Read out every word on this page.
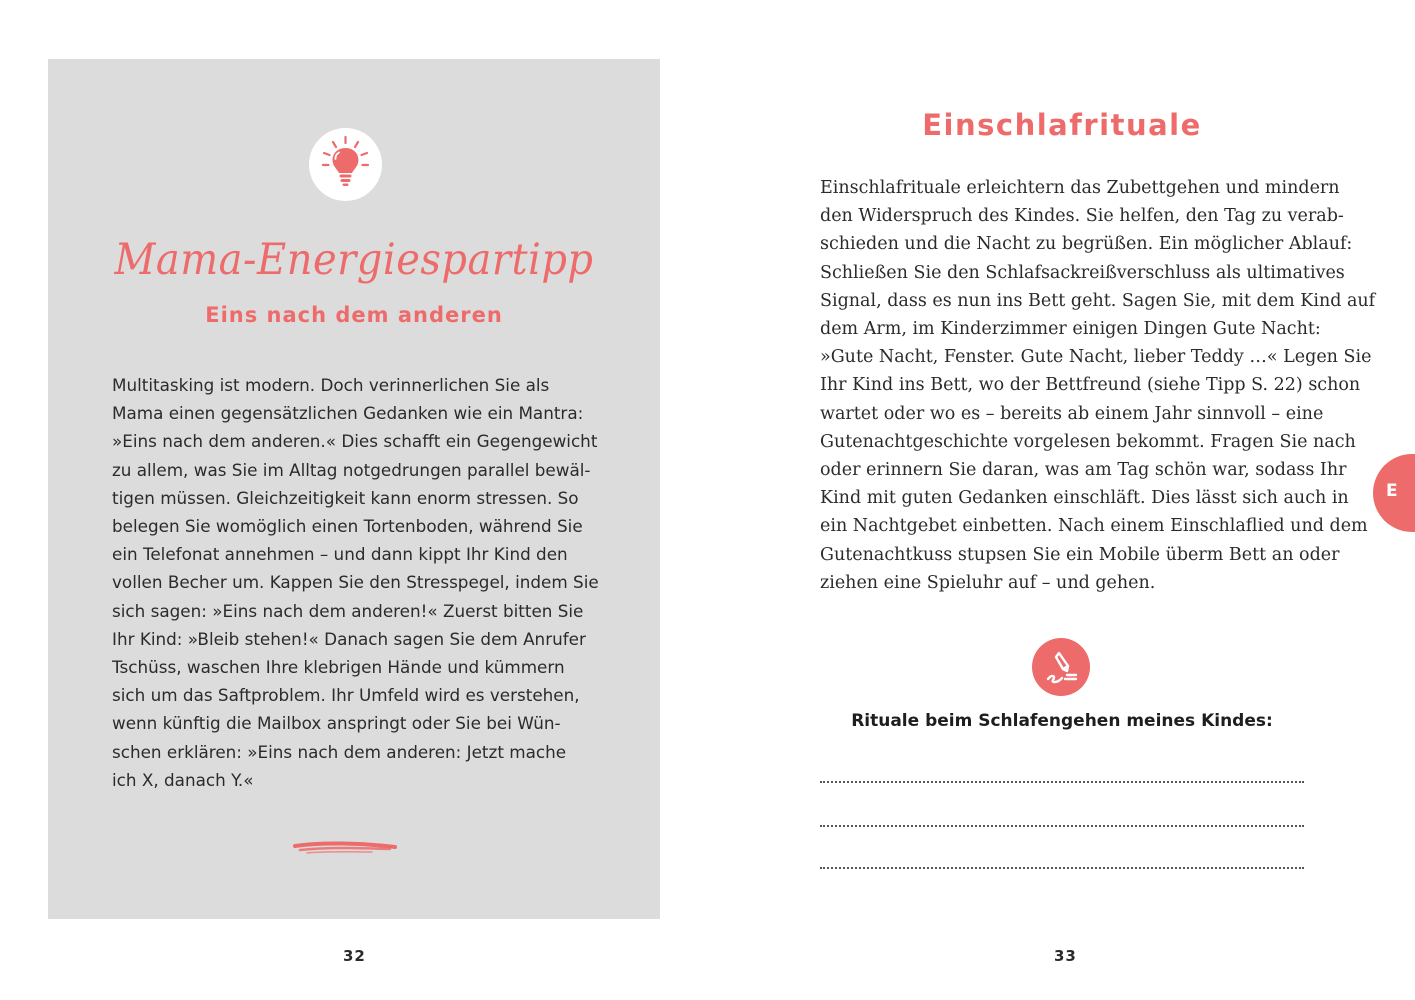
Mama-Energiespartipp
Eins nach dem anderen
Multitasking ist modern. Doch verinnerlichen Sie als
Mama einen gegensätzlichen Gedanken wie ein Mantra:
»Eins nach dem anderen.« Dies schafft ein Gegengewicht
zu allem, was Sie im Alltag notgedrungen parallel bewäl-
tigen müssen. Gleichzeitigkeit kann enorm stressen. So
belegen Sie womöglich einen Tortenboden, während Sie
ein Telefonat annehmen – und dann kippt Ihr Kind den
vollen Becher um. Kappen Sie den Stresspegel, indem Sie
sich sagen: »Eins nach dem anderen!« Zuerst bitten Sie
Ihr Kind: »Bleib stehen!« Danach sagen Sie dem Anrufer
Tschüss, waschen Ihre klebrigen Hände und kümmern
sich um das Saftproblem. Ihr Umfeld wird es verstehen,
wenn künftig die Mailbox anspringt oder Sie bei Wün-
schen erklären: »Eins nach dem anderen: Jetzt mache
ich X, danach Y.«
32
Einschlafrituale
Einschlafrituale erleichtern das Zubettgehen und mindern
den Widerspruch des Kindes. Sie helfen, den Tag zu verab-
schieden und die Nacht zu begrüßen. Ein möglicher Ablauf:
Schließen Sie den Schlafsackreißverschluss als ultimatives
Signal, dass es nun ins Bett geht. Sagen Sie, mit dem Kind auf
dem Arm, im Kinderzimmer einigen Dingen Gute Nacht:
»Gute Nacht, Fenster. Gute Nacht, lieber Teddy …« Legen Sie
Ihr Kind ins Bett, wo der Bettfreund (siehe Tipp S. 22) schon
wartet oder wo es – bereits ab einem Jahr sinnvoll – eine
Gutenachtgeschichte vorgelesen bekommt. Fragen Sie nach
oder erinnern Sie daran, was am Tag schön war, sodass Ihr
Kind mit guten Gedanken einschläft. Dies lässt sich auch in
ein Nachtgebet einbetten. Nach einem Einschlaflied und dem
Gutenachtkuss stupsen Sie ein Mobile überm Bett an oder
ziehen eine Spieluhr auf – und gehen.
Rituale beim Schlafengehen meines Kindes:
E
33
